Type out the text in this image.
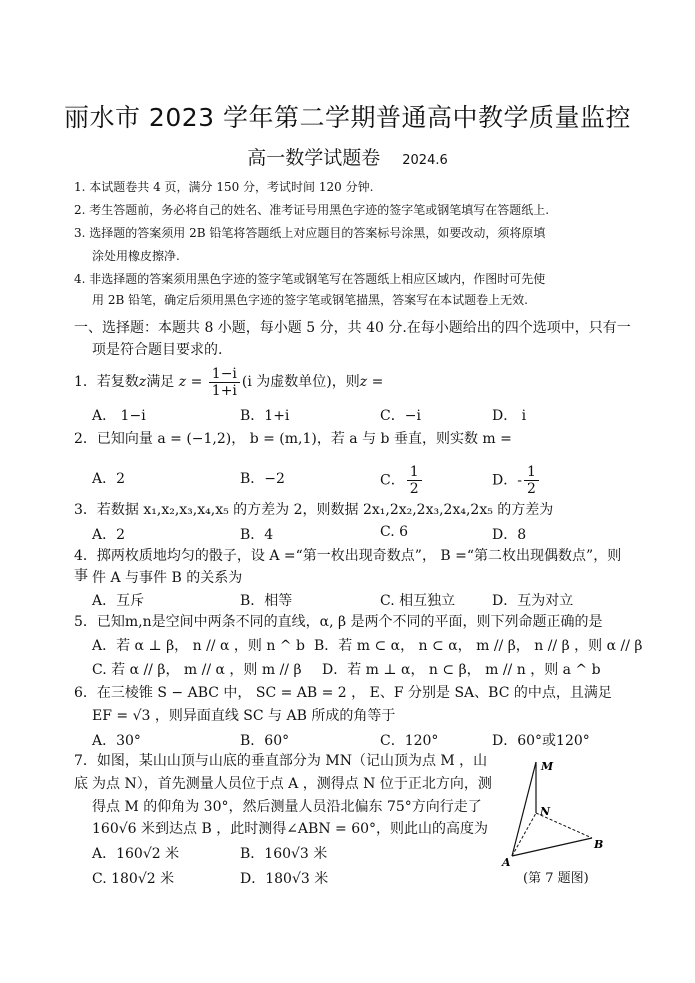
丽水市 2023 学年第二学期普通高中教学质量监控
高一数学试题卷 2024.6
1. 本试题卷共 4 页，满分 150 分，考试时间 120 分钟.
2. 考生答题前，务必将自己的姓名、准考证号用黑色字迹的签字笔或钢笔填写在答题纸上.
3. 选择题的答案须用 2B 铅笔将答题纸上对应题目的答案标号涂黑，如要改动，须将原填
涂处用橡皮擦净.
4. 非选择题的答案须用黑色字迹的签字笔或钢笔写在答题纸上相应区域内，作图时可先使
用 2B 铅笔，确定后须用黑色字迹的签字笔或钢笔描黑，答案写在本试题卷上无效.
一、选择题：本题共 8 小题，每小题 5 分，共 40 分.在每小题给出的四个选项中，只有一
项是符合题目要求的.
1．若复数z满足 $z = \frac{1-i}{1+i} (i$ 为虚数单位)，则z =
A． 1−i	B．1+i	C．−i	D． i
2．已知向量 a = (−1,2)， b = (m,1)，若 a 与 b 垂直，则实数 m =
A．2	B．−2	C． $\frac{1}{2}$	D．- $\frac{1}{2}$
3．若数据 x₁,x₂,x₃,x₄,x₅ 的方差为 2，则数据 2x₁,2x₂,2x₃,2x₄,2x₅ 的方差为
A．2	B．4	C. 6	D．8
4．掷两枚质地均匀的骰子，设 A =“第一枚出现奇数点”， B =“第二枚出现偶数点”，则事 件 A 与事件 B 的关系为
A．互斥	B．相等	C. 相互独立	D．互为对立
5．已知m,n是空间中两条不同的直线，α, β 是两个不同的平面，则下列命题正确的是
A．若 α ⊥ β， n // α ，则 n ^ b B．若 m ⊂ α， n ⊂ α， m // β， n // β ，则 α // β
C. 若 α // β， m // α ，则 m // β D．若 m ⊥ α， n ⊂ β， m // n ，则 a ^ b
6．在三棱锥 S − ABC 中， SC = AB = 2 ， E、F 分别是 SA、BC 的中点，且满足
EF = √3 ，则异面直线 SC 与 AB 所成的角等于
A．30°	B．60°	C．120°	D．60°或120°
7．如图，某山山顶与山底的垂直部分为 MN（记山顶为点 M ，山底 为点 N），首先测量人员位于点 A ，测得点 N 位于正北方向，测
得点 M 的仰角为 30°，然后测量人员沿北偏东 75°方向行走了
160√6 米到达点 B ，此时测得∠ABN = 60°，则此山的高度为
A．160√2 米	B．160√3 米
C. 180√2 米	D．180√3 米
M
N
A
B
(第 7 题图)
